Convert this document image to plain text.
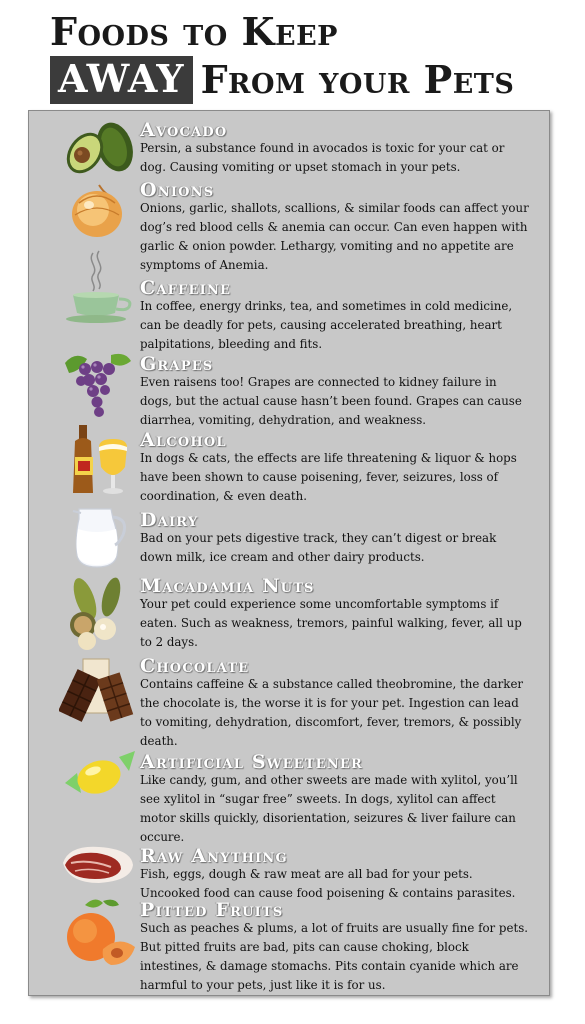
Foods to Keep
AWAY From your Pets
Avocado
Persin, a substance found in avocados is toxic for your cat or dog. Causing vomiting or upset stomach in your pets.
Onions
Onions, garlic, shallots, scallions, & similar foods can affect your dog’s red blood cells & anemia can occur. Can even happen with garlic & onion powder. Lethargy, vomiting and no appetite are symptoms of Anemia.
Caffeine
In coffee, energy drinks, tea, and sometimes in cold medicine, can be deadly for pets, causing accelerated breathing, heart palpitations, bleeding and fits.
Grapes
Even raisens too! Grapes are connected to kidney failure in dogs, but the actual cause hasn’t been found. Grapes can cause diarrhea, vomiting, dehydration, and weakness.
Alcohol
In dogs & cats, the effects are life threatening & liquor & hops have been shown to cause poisening, fever, seizures, loss of coordination, & even death.
Dairy
Bad on your pets digestive track, they can’t digest or break down milk, ice cream and other dairy products.
Macadamia Nuts
Your pet could experience some uncomfortable symptoms if eaten. Such as weakness, tremors, painful walking, fever, all up to 2 days.
Chocolate
Contains caffeine & a substance called theobromine, the darker the chocolate is, the worse it is for your pet. Ingestion can lead to vomiting, dehydration, discomfort, fever, tremors, & possibly death.
Artificial Sweetener
Like candy, gum, and other sweets are made with xylitol, you’ll see xylitol in “sugar free” sweets. In dogs, xylitol can affect motor skills quickly, disorientation, seizures & liver failure can occure.
Raw Anything
Fish, eggs, dough & raw meat are all bad for your pets. Uncooked food can cause food poisening & contains parasites.
Pitted Fruits
Such as peaches & plums, a lot of fruits are usually fine for pets. But pitted fruits are bad, pits can cause choking, block intestines, & damage stomachs. Pits contain cyanide which are harmful to your pets, just like it is for us.
